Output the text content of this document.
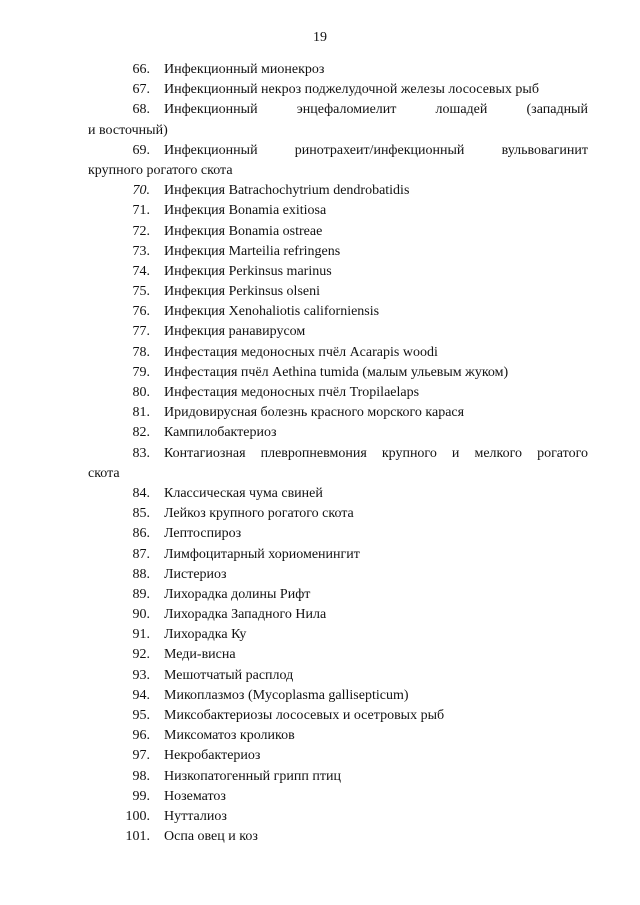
19
66. Инфекционный мионекроз
67. Инфекционный некроз поджелудочной железы лососевых рыб
68. Инфекционный	энцефаломиелит	лошадей	(западный
и восточный)
69. Инфекционный	ринотрахеит/инфекционный	вульвовагинит
крупного рогатого скота
70. Инфекция Batrachochytrium dendrobatidis
71. Инфекция Bonamia exitiosa
72. Инфекция Bonamia ostreae
73. Инфекция Marteilia refringens
74. Инфекция Perkinsus marinus
75. Инфекция Perkinsus olseni
76. Инфекция Xenohaliotis californiensis
77. Инфекция ранавирусом
78. Инфестация медоносных пчёл Acarapis woodi
79. Инфестация пчёл Aethina tumida (малым ульевым жуком)
80. Инфестация медоносных пчёл Tropilaelaps
81. Иридовирусная болезнь красного морского карася
82. Кампилобактериоз
83. Контагиозная плевропневмония крупного и мелкого рогатого
скота
84. Классическая чума свиней
85. Лейкоз крупного рогатого скота
86. Лептоспироз
87. Лимфоцитарный хориоменингит
88. Листериоз
89. Лихорадка долины Рифт
90. Лихорадка Западного Нила
91. Лихорадка Ку
92. Меди-висна
93. Мешотчатый расплод
94. Микоплазмоз (Mycoplasma gallisepticum)
95. Миксобактериозы лососевых и осетровых рыб
96. Миксоматоз кроликов
97. Некробактериоз
98. Низкопатогенный грипп птиц
99. Нозематоз
100. Нутталиоз
101. Оспа овец и коз
